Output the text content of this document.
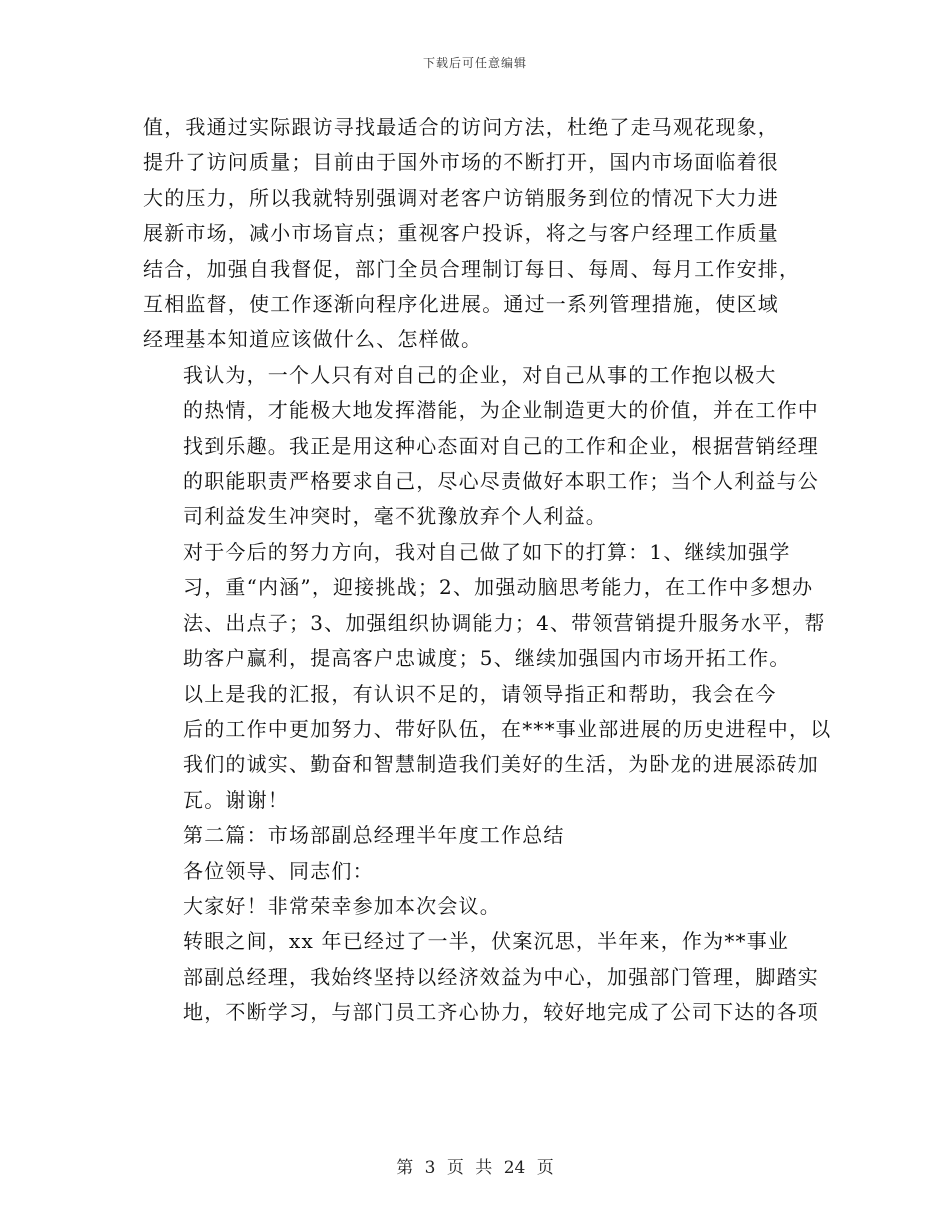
下载后可任意编辑
值，我通过实际跟访寻找最适合的访问方法，杜绝了走马观花现象，
提升了访问质量；目前由于国外市场的不断打开，国内市场面临着很
大的压力，所以我就特别强调对老客户访销服务到位的情况下大力进
展新市场，减小市场盲点；重视客户投诉，将之与客户经理工作质量
结合，加强自我督促，部门全员合理制订每日、每周、每月工作安排，
互相监督，使工作逐渐向程序化进展。通过一系列管理措施，使区域
经理基本知道应该做什么、怎样做。
我认为，一个人只有对自己的企业，对自己从事的工作抱以极大
的热情，才能极大地发挥潜能，为企业制造更大的价值，并在工作中
找到乐趣。我正是用这种心态面对自己的工作和企业，根据营销经理
的职能职责严格要求自己，尽心尽责做好本职工作；当个人利益与公
司利益发生冲突时，毫不犹豫放弃个人利益。
对于今后的努力方向，我对自己做了如下的打算：1、继续加强学
习，重“内涵”，迎接挑战；2、加强动脑思考能力，在工作中多想办
法、出点子；3、加强组织协调能力；4、带领营销提升服务水平，帮
助客户赢利，提高客户忠诚度；5、继续加强国内市场开拓工作。
以上是我的汇报，有认识不足的，请领导指正和帮助，我会在今
后的工作中更加努力、带好队伍，在***事业部进展的历史进程中，以
我们的诚实、勤奋和智慧制造我们美好的生活，为卧龙的进展添砖加
瓦。谢谢！
第二篇：市场部副总经理半年度工作总结
各位领导、同志们：
大家好！非常荣幸参加本次会议。
转眼之间，xx 年已经过了一半，伏案沉思，半年来，作为**事业
部副总经理，我始终坚持以经济效益为中心，加强部门管理，脚踏实
地，不断学习，与部门员工齐心协力，较好地完成了公司下达的各项
第 3 页 共 24 页
